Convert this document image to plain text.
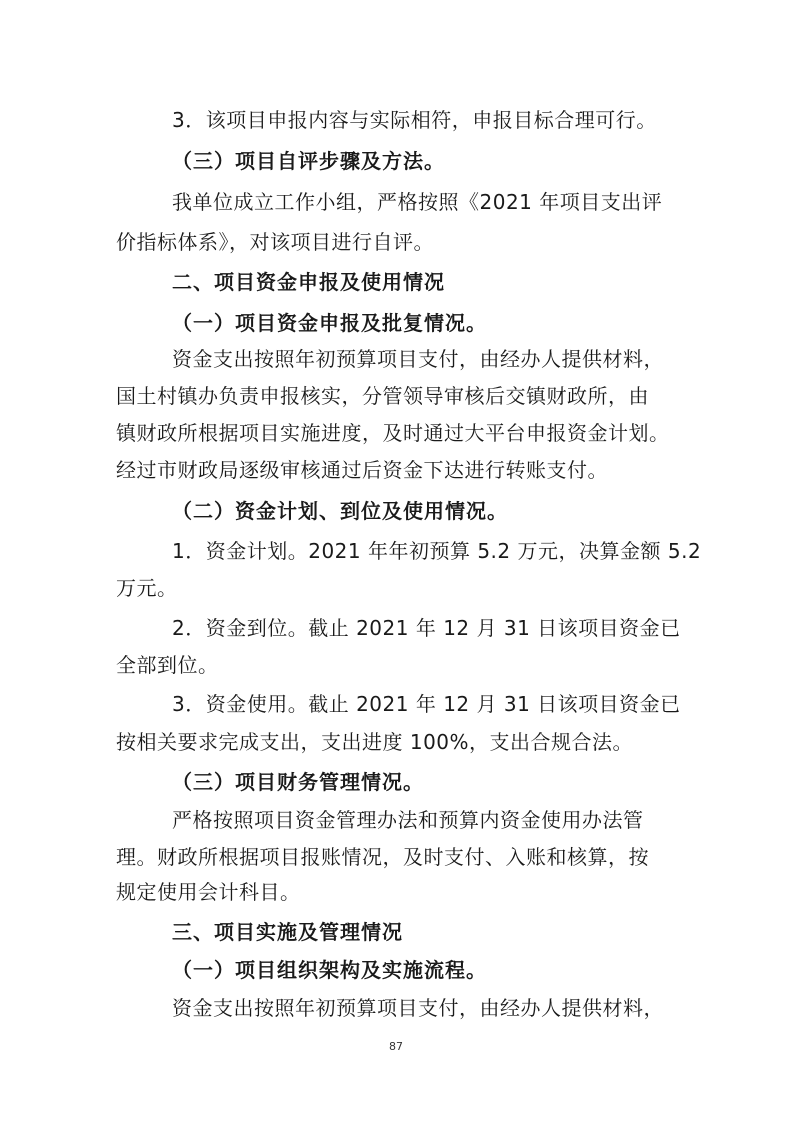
3．该项目申报内容与实际相符，申报目标合理可行。
（三）项目自评步骤及方法。
我单位成立工作小组，严格按照《2021 年项目支出评
价指标体系》，对该项目进行自评。
二、项目资金申报及使用情况
（一）项目资金申报及批复情况。
资金支出按照年初预算项目支付，由经办人提供材料，
国土村镇办负责申报核实，分管领导审核后交镇财政所，由
镇财政所根据项目实施进度，及时通过大平台申报资金计划。
经过市财政局逐级审核通过后资金下达进行转账支付。
（二）资金计划、到位及使用情况。
1．资金计划。2021 年年初预算 5.2 万元，决算金额 5.2
万元。
2．资金到位。截止 2021 年 12 月 31 日该项目资金已
全部到位。
3．资金使用。截止 2021 年 12 月 31 日该项目资金已
按相关要求完成支出，支出进度 100%，支出合规合法。
（三）项目财务管理情况。
严格按照项目资金管理办法和预算内资金使用办法管
理。财政所根据项目报账情况，及时支付、入账和核算，按
规定使用会计科目。
三、项目实施及管理情况
（一）项目组织架构及实施流程。
资金支出按照年初预算项目支付，由经办人提供材料，
87
